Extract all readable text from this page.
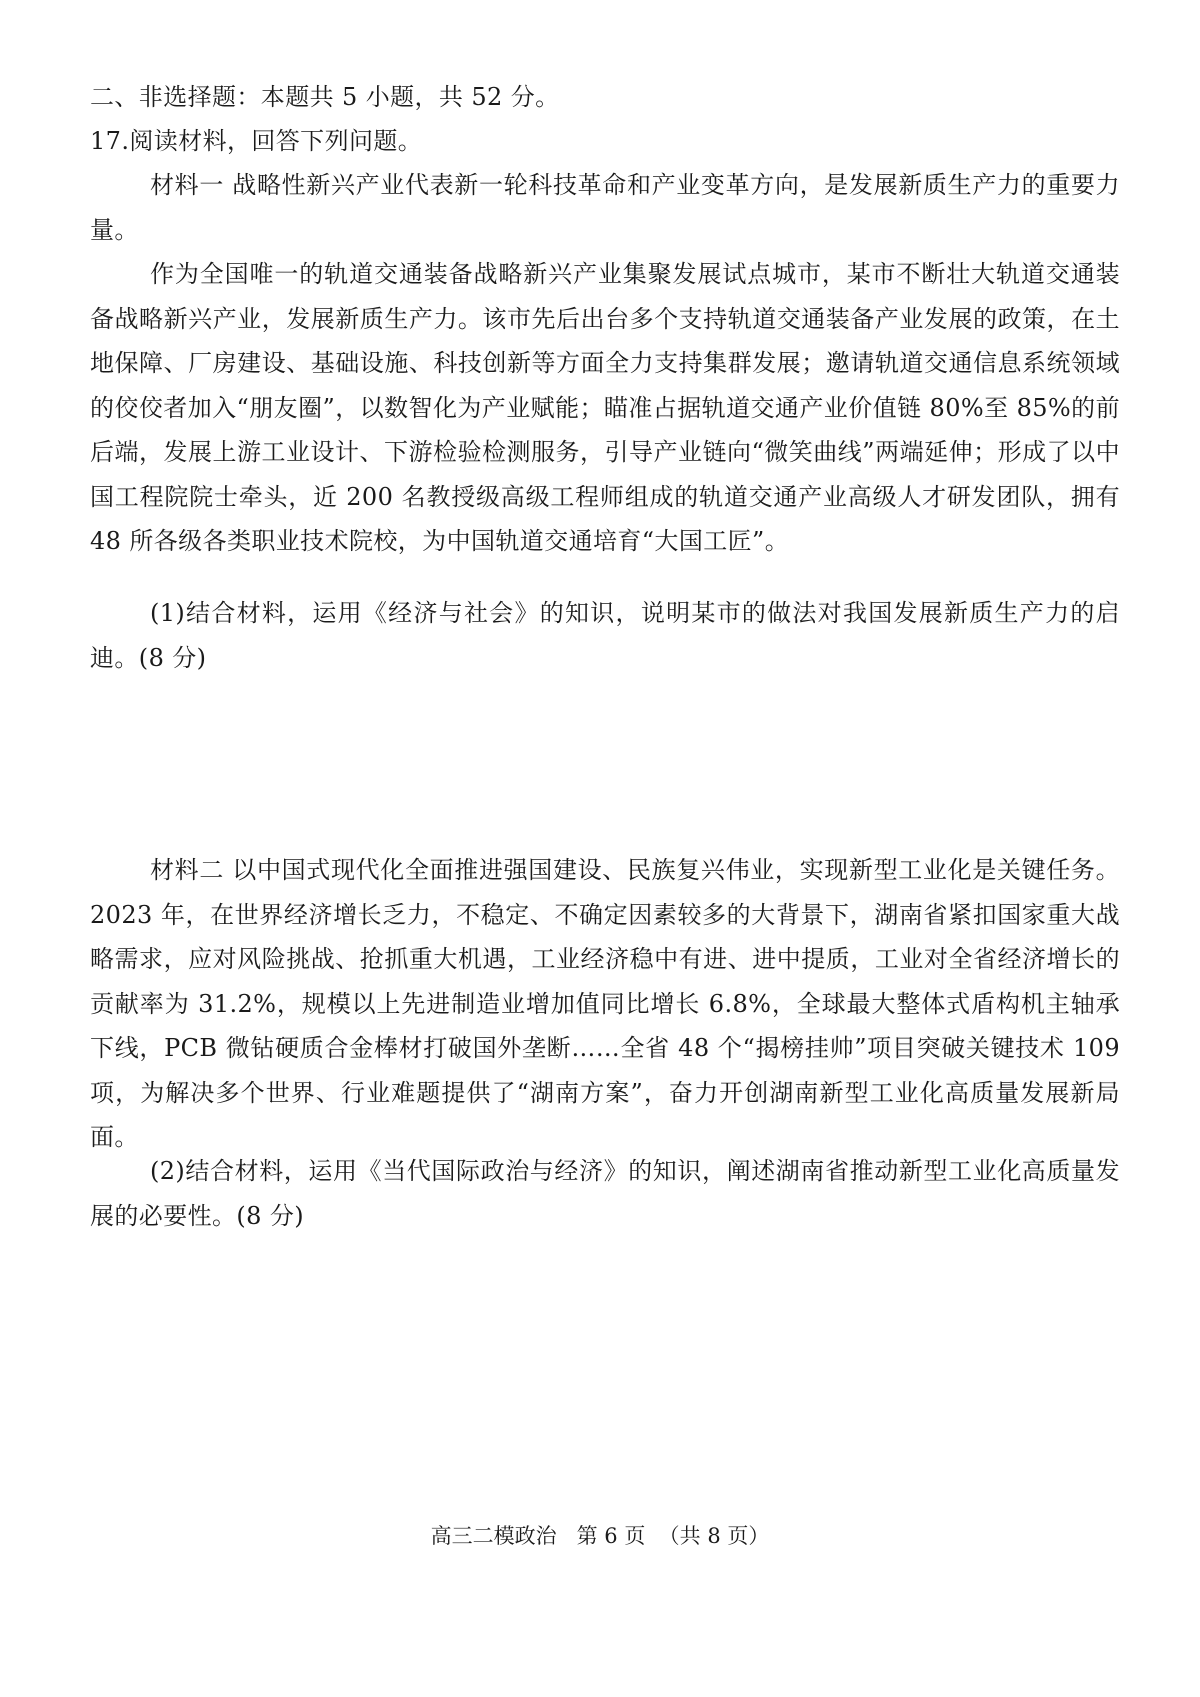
二、非选择题：本题共 5 小题，共 52 分。
17.阅读材料，回答下列问题。

材料一 战略性新兴产业代表新一轮科技革命和产业变革方向，是发展新质生产力的重要力量。

作为全国唯一的轨道交通装备战略新兴产业集聚发展试点城市，某市不断壮大轨道交通装备战略新兴产业，发展新质生产力。该市先后出台多个支持轨道交通装备产业发展的政策，在土地保障、厂房建设、基础设施、科技创新等方面全力支持集群发展；邀请轨道交通信息系统领域的佼佼者加入“朋友圈”，以数智化为产业赋能；瞄准占据轨道交通产业价值链 80%至 85%的前后端，发展上游工业设计、下游检验检测服务，引导产业链向“微笑曲线”两端延伸；形成了以中国工程院院士牵头，近 200 名教授级高级工程师组成的轨道交通产业高级人才研发团队，拥有 48 所各级各类职业技术院校，为中国轨道交通培育“大国工匠”。

(1)结合材料，运用《经济与社会》的知识，说明某市的做法对我国发展新质生产力的启迪。(8 分)

材料二 以中国式现代化全面推进强国建设、民族复兴伟业，实现新型工业化是关键任务。 2023 年，在世界经济增长乏力，不稳定、不确定因素较多的大背景下，湖南省紧扣国家重大战略需求，应对风险挑战、抢抓重大机遇，工业经济稳中有进、进中提质，工业对全省经济增长的贡献率为 31.2%，规模以上先进制造业增加值同比增长 6.8%，全球最大整体式盾构机主轴承下线，PCB 微钻硬质合金棒材打破国外垄断……全省 48 个“揭榜挂帅”项目突破关键技术 109 项，为解决多个世界、行业难题提供了“湖南方案”，奋力开创湖南新型工业化高质量发展新局面。

(2)结合材料，运用《当代国际政治与经济》的知识，阐述湖南省推动新型工业化高质量发展的必要性。(8 分)

高三二模政治   第 6 页  （共 8 页）
